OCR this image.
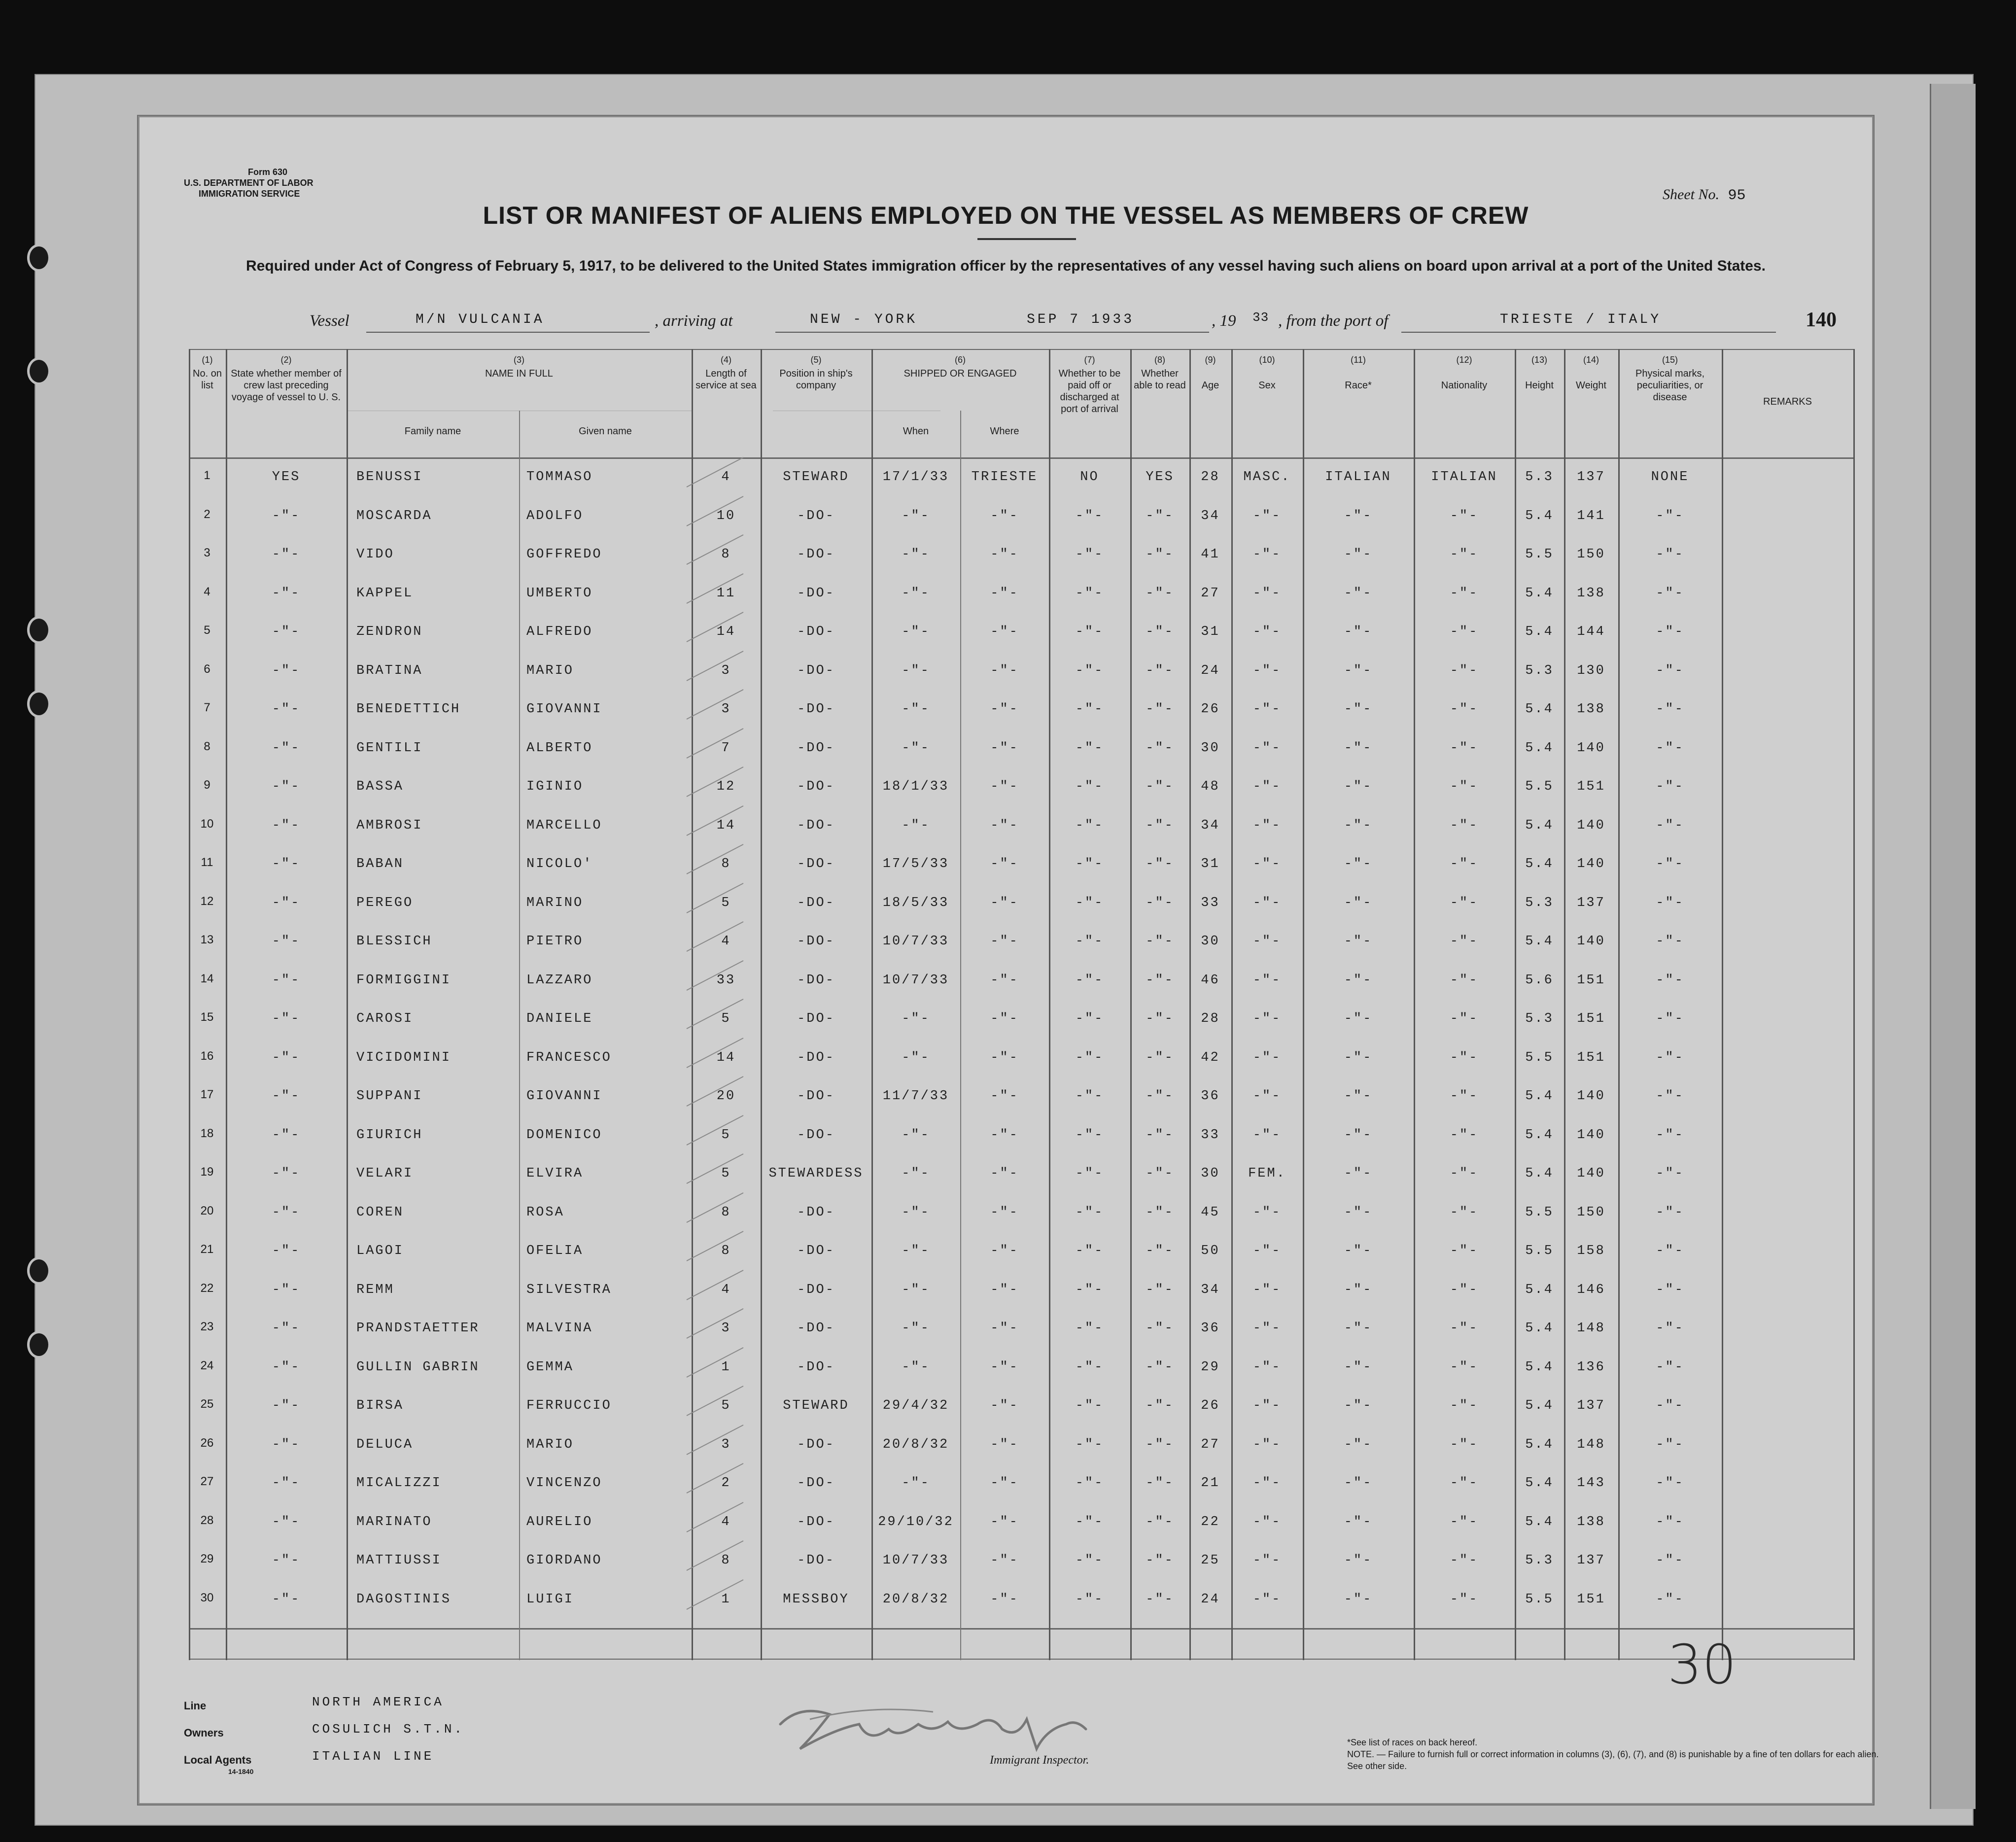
Form 630
U.S. DEPARTMENT OF LABOR
IMMIGRATION SERVICE	Sheet No. 95
LIST OR MANIFEST OF ALIENS EMPLOYED ON THE VESSEL AS MEMBERS OF CREW
Required under Act of Congress of February 5, 1917, to be delivered to the United States immigration officer by the representatives of any vessel having such aliens on board upon arrival at a port of the United States.
Vessel	M/N VULCANIA	, arriving at	NEW - YORK	SEP 7 1933	, 19 33 , from the port of	TRIESTE / ITALY	140
(1)
No. on list
(2)
State whether member of crew last preceding voyage of vessel to U. S.
(3)
NAME IN FULL
Family name	Given name
(4)
Length of service at sea
(5)
Position in ship's company
(6)
SHIPPED OR ENGAGED
When	Where
(7)
Whether to be paid off or discharged at port of arrival
(8)
Whether able to read
(9)

Age
(10)

Sex
(11)

Race*
(12)

Nationality
(13)

Height
(14)

Weight
(15)
Physical marks, peculiarities, or disease	REMARKS
1	YES	BENUSSI	TOMMASO	4	STEWARD	17/1/33	TRIESTE	NO	YES	28	MASC.	ITALIAN	ITALIAN	5.3	137	NONE
2	-"-	MOSCARDA	ADOLFO	10	-DO-	-"-	-"-	-"-	-"-	34	-"-	-"-	-"-	5.4	141	-"-
3	-"-	VIDO	GOFFREDO	8	-DO-	-"-	-"-	-"-	-"-	41	-"-	-"-	-"-	5.5	150	-"-
4	-"-	KAPPEL	UMBERTO	11	-DO-	-"-	-"-	-"-	-"-	27	-"-	-"-	-"-	5.4	138	-"-
5	-"-	ZENDRON	ALFREDO	14	-DO-	-"-	-"-	-"-	-"-	31	-"-	-"-	-"-	5.4	144	-"-
6	-"-	BRATINA	MARIO	3	-DO-	-"-	-"-	-"-	-"-	24	-"-	-"-	-"-	5.3	130	-"-
7	-"-	BENEDETTICH	GIOVANNI	3	-DO-	-"-	-"-	-"-	-"-	26	-"-	-"-	-"-	5.4	138	-"-
8	-"-	GENTILI	ALBERTO	7	-DO-	-"-	-"-	-"-	-"-	30	-"-	-"-	-"-	5.4	140	-"-
9	-"-	BASSA	IGINIO	12	-DO-	18/1/33	-"-	-"-	-"-	48	-"-	-"-	-"-	5.5	151	-"-
10	-"-	AMBROSI	MARCELLO	14	-DO-	-"-	-"-	-"-	-"-	34	-"-	-"-	-"-	5.4	140	-"-
11	-"-	BABAN	NICOLO'	8	-DO-	17/5/33	-"-	-"-	-"-	31	-"-	-"-	-"-	5.4	140	-"-
12	-"-	PEREGO	MARINO	5	-DO-	18/5/33	-"-	-"-	-"-	33	-"-	-"-	-"-	5.3	137	-"-
13	-"-	BLESSICH	PIETRO	4	-DO-	10/7/33	-"-	-"-	-"-	30	-"-	-"-	-"-	5.4	140	-"-
14	-"-	FORMIGGINI	LAZZARO	33	-DO-	10/7/33	-"-	-"-	-"-	46	-"-	-"-	-"-	5.6	151	-"-
15	-"-	CAROSI	DANIELE	5	-DO-	-"-	-"-	-"-	-"-	28	-"-	-"-	-"-	5.3	151	-"-
16	-"-	VICIDOMINI	FRANCESCO	14	-DO-	-"-	-"-	-"-	-"-	42	-"-	-"-	-"-	5.5	151	-"-
17	-"-	SUPPANI	GIOVANNI	20	-DO-	11/7/33	-"-	-"-	-"-	36	-"-	-"-	-"-	5.4	140	-"-
18	-"-	GIURICH	DOMENICO	5	-DO-	-"-	-"-	-"-	-"-	33	-"-	-"-	-"-	5.4	140	-"-
19	-"-	VELARI	ELVIRA	5	STEWARDESS	-"-	-"-	-"-	-"-	30	FEM.	-"-	-"-	5.4	140	-"-
20	-"-	COREN	ROSA	8	-DO-	-"-	-"-	-"-	-"-	45	-"-	-"-	-"-	5.5	150	-"-
21	-"-	LAGOI	OFELIA	8	-DO-	-"-	-"-	-"-	-"-	50	-"-	-"-	-"-	5.5	158	-"-
22	-"-	REMM	SILVESTRA	4	-DO-	-"-	-"-	-"-	-"-	34	-"-	-"-	-"-	5.4	146	-"-
23	-"-	PRANDSTAETTER	MALVINA	3	-DO-	-"-	-"-	-"-	-"-	36	-"-	-"-	-"-	5.4	148	-"-
24	-"-	GULLIN GABRIN	GEMMA	1	-DO-	-"-	-"-	-"-	-"-	29	-"-	-"-	-"-	5.4	136	-"-
25	-"-	BIRSA	FERRUCCIO	5	STEWARD	29/4/32	-"-	-"-	-"-	26	-"-	-"-	-"-	5.4	137	-"-
26	-"-	DELUCA	MARIO	3	-DO-	20/8/32	-"-	-"-	-"-	27	-"-	-"-	-"-	5.4	148	-"-
27	-"-	MICALIZZI	VINCENZO	2	-DO-	-"-	-"-	-"-	-"-	21	-"-	-"-	-"-	5.4	143	-"-
28	-"-	MARINATO	AURELIO	4	-DO-	29/10/32	-"-	-"-	-"-	22	-"-	-"-	-"-	5.4	138	-"-
29	-"-	MATTIUSSI	GIORDANO	8	-DO-	10/7/33	-"-	-"-	-"-	25	-"-	-"-	-"-	5.3	137	-"-
30	-"-	DAGOSTINIS	LUIGI	1	MESSBOY	20/8/32	-"-	-"-	-"-	24	-"-	-"-	-"-	5.5	151	-"-
Line	NORTH AMERICA
Owners	COSULICH S.T.N.
Local Agents	ITALIAN LINE
14-1840
Immigrant Inspector.
*See list of races on back hereof.
NOTE. — Failure to furnish full or correct information in columns (3), (6), (7), and (8) is punishable by a fine of ten dollars for each alien. See other side.
30
